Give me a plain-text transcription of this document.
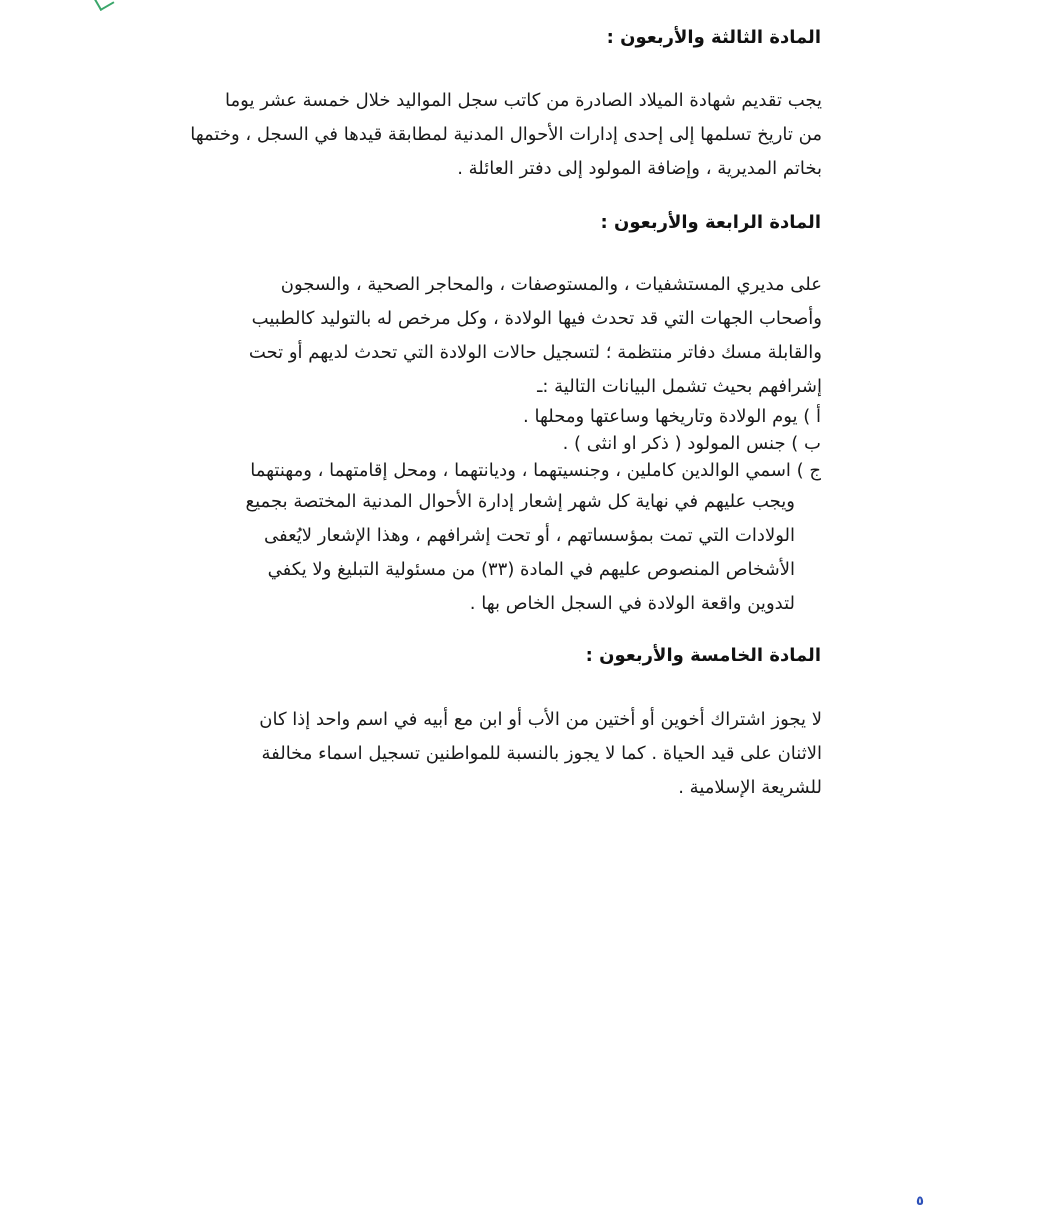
المادة الثالثة والأربعون :
يجب تقديم شهادة الميلاد الصادرة من كاتب سجل المواليد خلال خمسة عشر يوما
من تاريخ تسلمها إلى إحدى إدارات الأحوال المدنية لمطابقة قيدها في السجل ، وختمها
بخاتم المديرية ، وإضافة المولود إلى دفتر العائلة .
المادة الرابعة والأربعون :
على مديري المستشفيات ، والمستوصفات ، والمحاجر الصحية ، والسجون
وأصحاب الجهات التي قد تحدث فيها الولادة ، وكل مرخص له بالتوليد كالطبيب
والقابلة مسك دفاتر منتظمة ؛ لتسجيل حالات الولادة التي تحدث لديهم أو تحت
إشرافهم بحيث تشمل البيانات التالية :ـ
أ ) يوم الولادة وتاريخها وساعتها ومحلها .
ب ) جنس المولود ( ذكر او انثى ) .
ج ) اسمي الوالدين كاملين ، وجنسيتهما ، وديانتهما ، ومحل إقامتهما ، ومهنتهما
ويجب عليهم في نهاية كل شهر إشعار إدارة الأحوال المدنية المختصة بجميع
الولادات التي تمت بمؤسساتهم ، أو تحت إشرافهم ، وهذا الإشعار لايُعفى
الأشخاص المنصوص عليهم في المادة (٣٣) من مسئولية التبليغ ولا يكفي
لتدوين واقعة الولادة في السجل الخاص بها .
المادة الخامسة والأربعون :
لا يجوز اشتراك أخوين أو أختين من الأب أو ابن مع أبيه في اسم واحد إذا كان
الاثنان على قيد الحياة . كما لا يجوز بالنسبة للمواطنين تسجيل اسماء مخالفة
للشريعة الإسلامية .
٥
